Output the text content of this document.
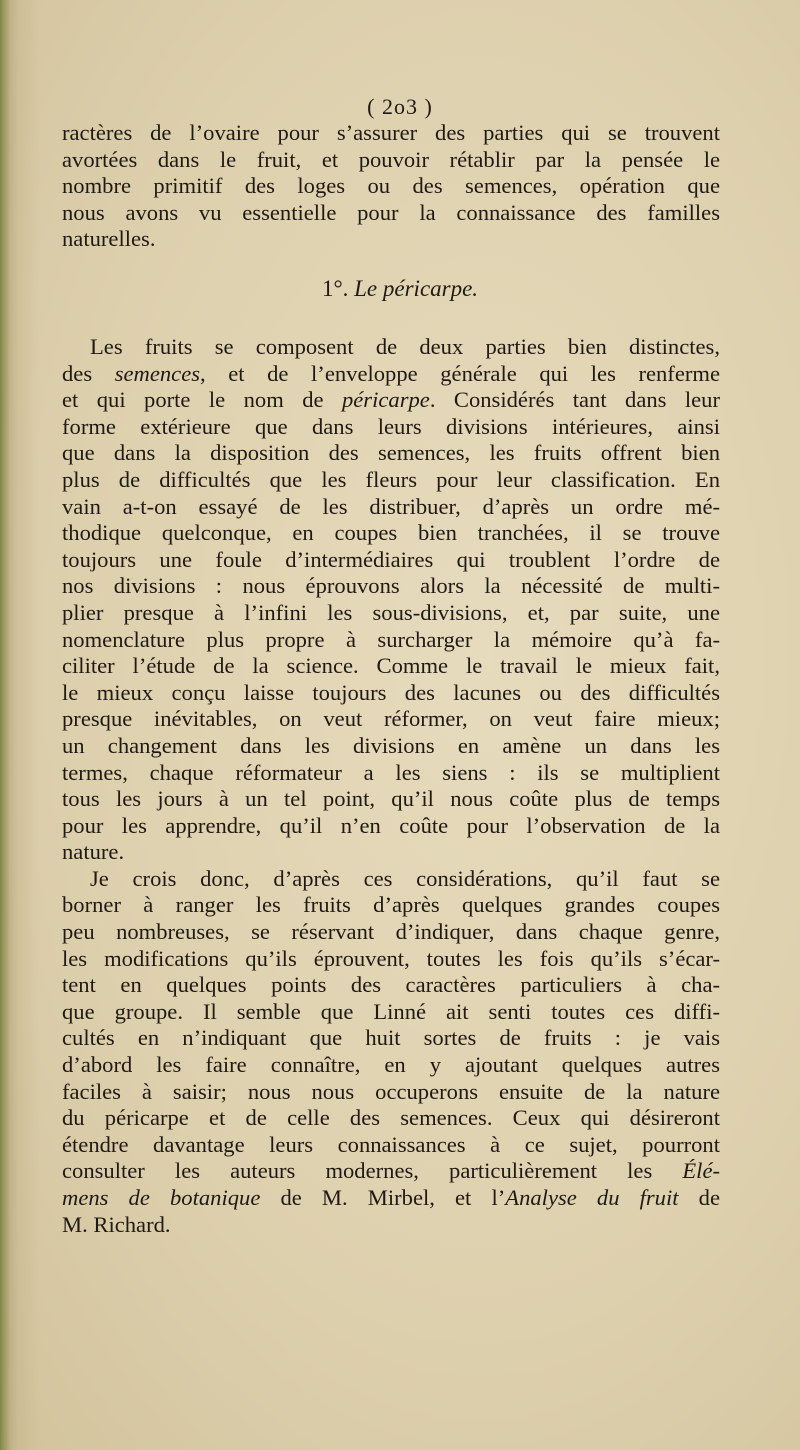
( 2o3 )
ractères de l’ovaire pour s’assurer des parties qui se trouvent
avortées dans le fruit, et pouvoir rétablir par la pensée le
nombre primitif des loges ou des semences, opération que
nous avons vu essentielle pour la connaissance des familles
naturelles.
1°. Le péricarpe.
Les fruits se composent de deux parties bien distinctes,
des semences, et de l’enveloppe générale qui les renferme
et qui porte le nom de péricarpe. Considérés tant dans leur
forme extérieure que dans leurs divisions intérieures, ainsi
que dans la disposition des semences, les fruits offrent bien
plus de difficultés que les fleurs pour leur classification. En
vain a-t-on essayé de les distribuer, d’après un ordre mé-
thodique quelconque, en coupes bien tranchées, il se trouve
toujours une foule d’intermédiaires qui troublent l’ordre de
nos divisions : nous éprouvons alors la nécessité de multi-
plier presque à l’infini les sous-divisions, et, par suite, une
nomenclature plus propre à surcharger la mémoire qu’à fa-
ciliter l’étude de la science. Comme le travail le mieux fait,
le mieux conçu laisse toujours des lacunes ou des difficultés
presque inévitables, on veut réformer, on veut faire mieux;
un changement dans les divisions en amène un dans les
termes, chaque réformateur a les siens : ils se multiplient
tous les jours à un tel point, qu’il nous coûte plus de temps
pour les apprendre, qu’il n’en coûte pour l’observation de la
nature.
Je crois donc, d’après ces considérations, qu’il faut se
borner à ranger les fruits d’après quelques grandes coupes
peu nombreuses, se réservant d’indiquer, dans chaque genre,
les modifications qu’ils éprouvent, toutes les fois qu’ils s’écar-
tent en quelques points des caractères particuliers à cha-
que groupe. Il semble que Linné ait senti toutes ces diffi-
cultés en n’indiquant que huit sortes de fruits : je vais
d’abord les faire connaître, en y ajoutant quelques autres
faciles à saisir; nous nous occuperons ensuite de la nature
du péricarpe et de celle des semences. Ceux qui désireront
étendre davantage leurs connaissances à ce sujet, pourront
consulter les auteurs modernes, particulièrement les Élé-
mens de botanique de M. Mirbel, et l’Analyse du fruit de
M. Richard.
